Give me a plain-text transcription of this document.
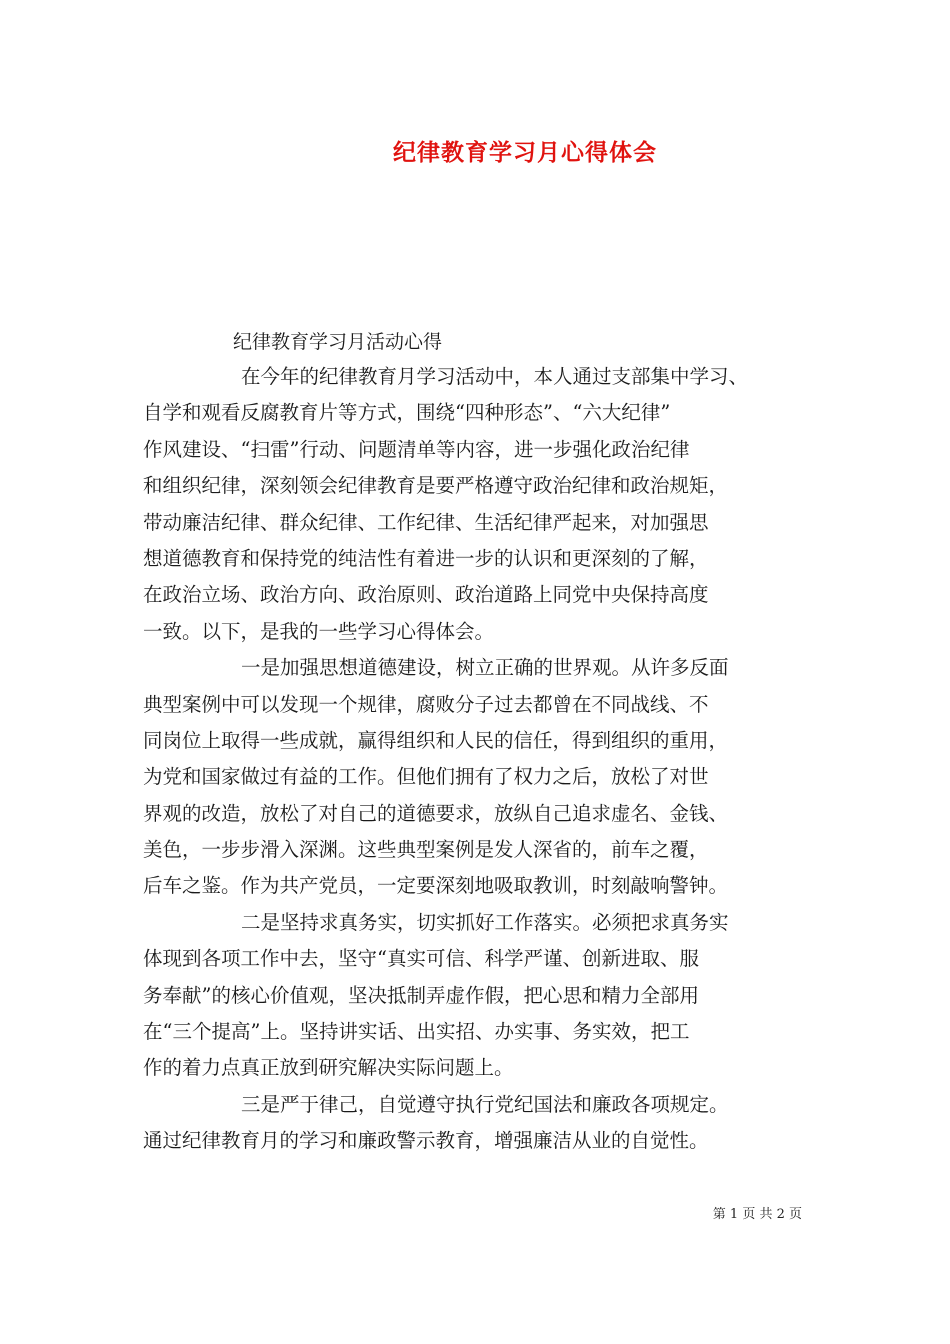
纪律教育学习月心得体会
纪律教育学习月活动心得
在今年的纪律教育月学习活动中，本人通过支部集中学习、
自学和观看反腐教育片等方式，围绕“四种形态”、“六大纪律”
作风建设、“扫雷”行动、问题清单等内容，进一步强化政治纪律
和组织纪律，深刻领会纪律教育是要严格遵守政治纪律和政治规矩，
带动廉洁纪律、群众纪律、工作纪律、生活纪律严起来，对加强思
想道德教育和保持党的纯洁性有着进一步的认识和更深刻的了解，
在政治立场、政治方向、政治原则、政治道路上同党中央保持高度
一致。以下，是我的一些学习心得体会。
一是加强思想道德建设，树立正确的世界观。从许多反面
典型案例中可以发现一个规律，腐败分子过去都曾在不同战线、不
同岗位上取得一些成就，赢得组织和人民的信任，得到组织的重用，
为党和国家做过有益的工作。但他们拥有了权力之后，放松了对世
界观的改造，放松了对自己的道德要求，放纵自己追求虚名、金钱、
美色，一步步滑入深渊。这些典型案例是发人深省的，前车之覆，
后车之鉴。作为共产党员，一定要深刻地吸取教训，时刻敲响警钟。
二是坚持求真务实，切实抓好工作落实。必须把求真务实
体现到各项工作中去，坚守“真实可信、科学严谨、创新进取、服
务奉献”的核心价值观，坚决抵制弄虚作假，把心思和精力全部用
在“三个提高”上。坚持讲实话、出实招、办实事、务实效，把工
作的着力点真正放到研究解决实际问题上。
三是严于律己，自觉遵守执行党纪国法和廉政各项规定。
通过纪律教育月的学习和廉政警示教育，增强廉洁从业的自觉性。
第 1 页 共 2 页
